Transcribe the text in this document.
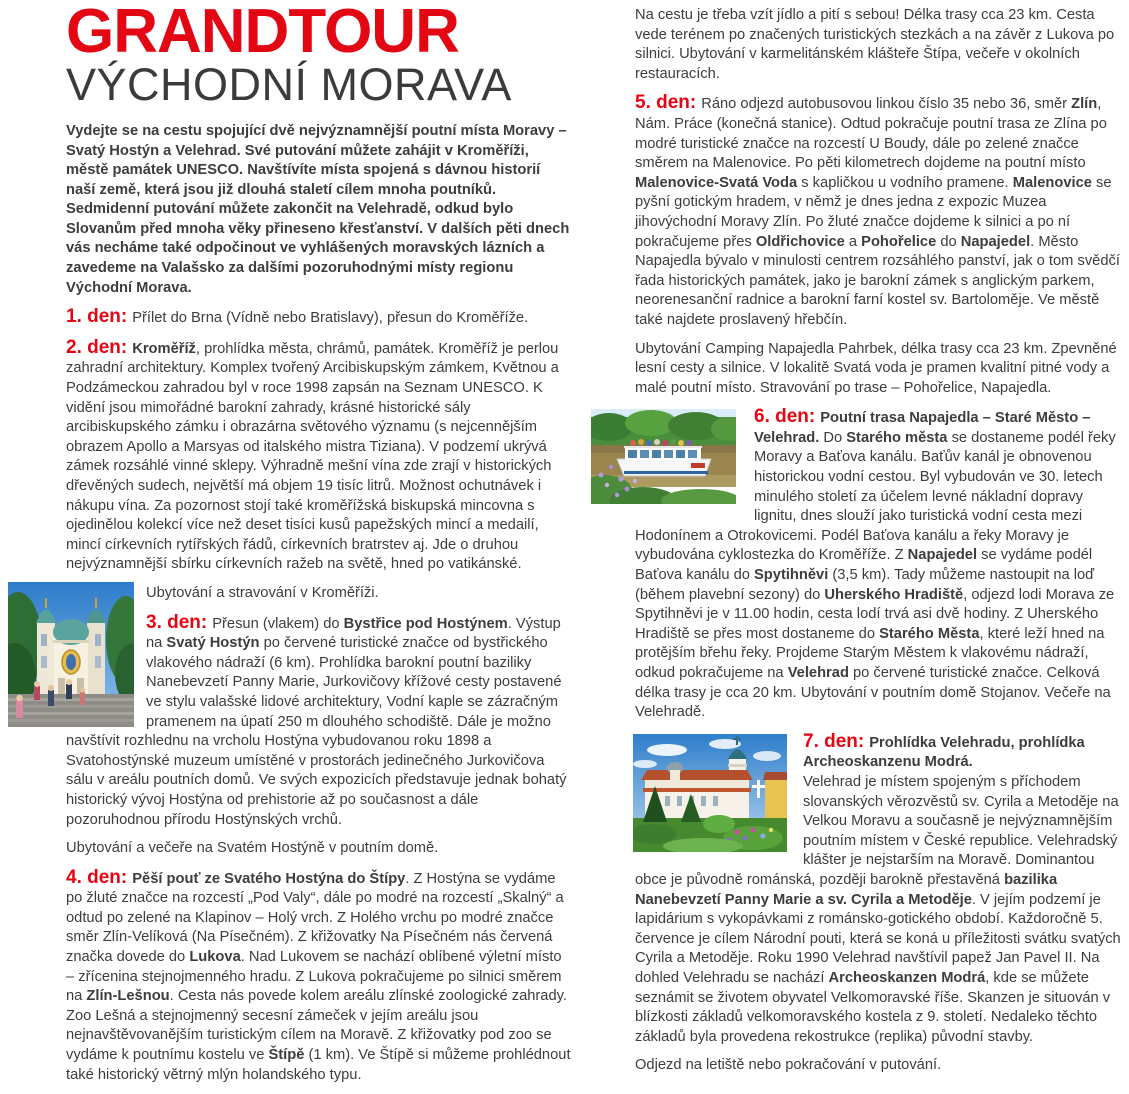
GRANDTOUR
VÝCHODNÍ MORAVA

Vydejte se na cestu spojující dvě nejvýznamnější poutní místa Moravy – Svatý Hostýn a Velehrad. Své putování můžete zahájit v Kroměříži, městě památek UNESCO. Navštívíte místa spojená s dávnou historií naší země, která jsou již dlouhá staletí cílem mnoha poutníků. Sedmidenní putování můžete zakončit na Velehradě, odkud bylo Slovanům před mnoha věky přineseno křesťanství. V dalších pěti dnech vás necháme také odpočinout ve vyhlášených moravských lázních a zavedeme na Valašsko za dalšími pozoruhodnými místy regionu Východní Morava.

1. den: Přílet do Brna (Vídně nebo Bratislavy), přesun do Kroměříže.

2. den: Kroměříž, prohlídka města, chrámů, památek. Kroměříž je perlou zahradní architektury. Komplex tvořený Arcibiskupským zámkem, Květnou a Podzámeckou zahradou byl v roce 1998 zapsán na Seznam UNESCO. K vidění jsou mimořádné barokní zahrady, krásné historické sály arcibiskupského zámku i obrazárna světového významu (s nejcennějším obrazem Apollo a Marsyas od italského mistra Tiziana). V podzemí ukrývá zámek rozsáhlé vinné sklepy. Výhradně mešní vína zde zrají v historických dřevěných sudech, největší má objem 19 tisíc litrů. Možnost ochutnávek i nákupu vína. Za pozornost stojí také kroměřížská biskupská mincovna s ojedinělou kolekcí více než deset tisíci kusů papežských mincí a medailí, mincí církevních rytířských řádů, církevních bratrstev aj. Jde o druhou nejvýznamnější sbírku církevních ražeb na světě, hned po vatikánské.

Ubytování a stravování v Kroměříži.

3. den: Přesun (vlakem) do Bystřice pod Hostýnem. Výstup na Svatý Hostýn po červené turistické značce od bystřického vlakového nádraží (6 km). Prohlídka barokní poutní baziliky Nanebevzetí Panny Marie, Jurkovičovy křížové cesty postavené ve stylu valašské lidové architektury, Vodní kaple se zázračným pramenem na úpatí 250 m dlouhého schodiště. Dále je možno navštívit rozhlednu na vrcholu Hostýna vybudovanou roku 1898 a Svatohostýnské muzeum umístěné v prostorách jedinečného Jurkovičova sálu v areálu poutních domů. Ve svých expozicích představuje jednak bohatý historický vývoj Hostýna od prehistorie až po současnost a dále pozoruhodnou přírodu Hostýnských vrchů.

Ubytování a večeře na Svatém Hostýně v poutním domě.

4. den: Pěší pouť ze Svatého Hostýna do Štípy. Z Hostýna se vydáme po žluté značce na rozcestí „Pod Valy“, dále po modré na rozcestí „Skalný“ a odtud po zelené na Klapinov – Holý vrch. Z Holého vrchu po modré značce směr Zlín-Velíková (Na Písečném). Z křižovatky Na Písečném nás červená značka dovede do Lukova. Nad Lukovem se nachází oblíbené výletní místo – zřícenina stejnojmenného hradu. Z Lukova pokračujeme po silnici směrem na Zlín-Lešnou. Cesta nás povede kolem areálu zlínské zoologické zahrady. Zoo Lešná a stejnojmenný secesní zámeček v jejím areálu jsou nejnavštěvovanějším turistickým cílem na Moravě. Z křižovatky pod zoo se vydáme k poutnímu kostelu ve Štípě (1 km). Ve Štípě si můžeme prohlédnout také historický větrný mlýn holandského typu.

Na cestu je třeba vzít jídlo a pití s sebou! Délka trasy cca 23 km. Cesta vede terénem po značených turistických stezkách a na závěr z Lukova po silnici. Ubytování v karmelitánském klášteře Štípa, večeře v okolních restauracích.

5. den: Ráno odjezd autobusovou linkou číslo 35 nebo 36, směr Zlín, Nám. Práce (konečná stanice). Odtud pokračuje poutní trasa ze Zlína po modré turistické značce na rozcestí U Boudy, dále po zelené značce směrem na Malenovice. Po pěti kilometrech dojdeme na poutní místo Malenovice-Svatá Voda s kapličkou u vodního pramene. Malenovice se pyšní gotickým hradem, v němž je dnes jedna z expozic Muzea jihovýchodní Moravy Zlín. Po žluté značce dojdeme k silnici a po ní pokračujeme přes Oldřichovice a Pohořelice do Napajedel. Město Napajedla bývalo v minulosti centrem rozsáhlého panství, jak o tom svědčí řada historických památek, jako je barokní zámek s anglickým parkem, neorenesanční radnice a barokní farní kostel sv. Bartoloměje. Ve městě také najdete proslavený hřebčín.

Ubytování Camping Napajedla Pahrbek, délka trasy cca 23 km. Zpevněné lesní cesty a silnice. V lokalitě Svatá voda je pramen kvalitní pitné vody a malé poutní místo. Stravování po trase – Pohořelice, Napajedla.

6. den: Poutní trasa Napajedla – Staré Město – Velehrad. Do Starého města se dostaneme podél řeky Moravy a Baťova kanálu. Baťův kanál je obnovenou historickou vodní cestou. Byl vybudován ve 30. letech minulého století za účelem levné nákladní dopravy lignitu, dnes slouží jako turistická vodní cesta mezi Hodonínem a Otrokovicemi. Podél Baťova kanálu a řeky Moravy je vybudována cyklostezka do Kroměříže. Z Napajedel se vydáme podél Baťova kanálu do Spytihněvi (3,5 km). Tady můžeme nastoupit na loď (během plavební sezony) do Uherského Hradiště, odjezd lodi Morava ze Spytihněvi je v 11.00 hodin, cesta lodí trvá asi dvě hodiny. Z Uherského Hradiště se přes most dostaneme do Starého Města, které leží hned na protějším břehu řeky. Projdeme Starým Městem k vlakovému nádraží, odkud pokračujeme na Velehrad po červené turistické značce. Celková délka trasy je cca 20 km. Ubytování v poutním domě Stojanov. Večeře na Velehradě.

7. den: Prohlídka Velehradu, prohlídka Archeoskanzenu Modrá.
Velehrad je místem spojeným s příchodem slovanských věrozvěstů sv. Cyrila a Metoděje na Velkou Moravu a současně je nejvýznamnějším poutním místem v České republice. Velehradský klášter je nejstarším na Moravě. Dominantou obce je původně románská, později barokně přestavěná bazilika Nanebevzetí Panny Marie a sv. Cyrila a Metoděje. V jejím podzemí je lapidárium s vykopávkami z románsko-gotického období. Každoročně 5. července je cílem Národní pouti, která se koná u příležitosti svátku svatých Cyrila a Metoděje. Roku 1990 Velehrad navštívil papež Jan Pavel II. Na dohled Velehradu se nachází Archeoskanzen Modrá, kde se můžete seznámit se životem obyvatel Velkomoravské říše. Skanzen je situován v blízkosti základů velkomoravského kostela z 9. století. Nedaleko těchto základů byla provedena rekostrukce (replika) původní stavby.

Odjezd na letiště nebo pokračování v putování.
